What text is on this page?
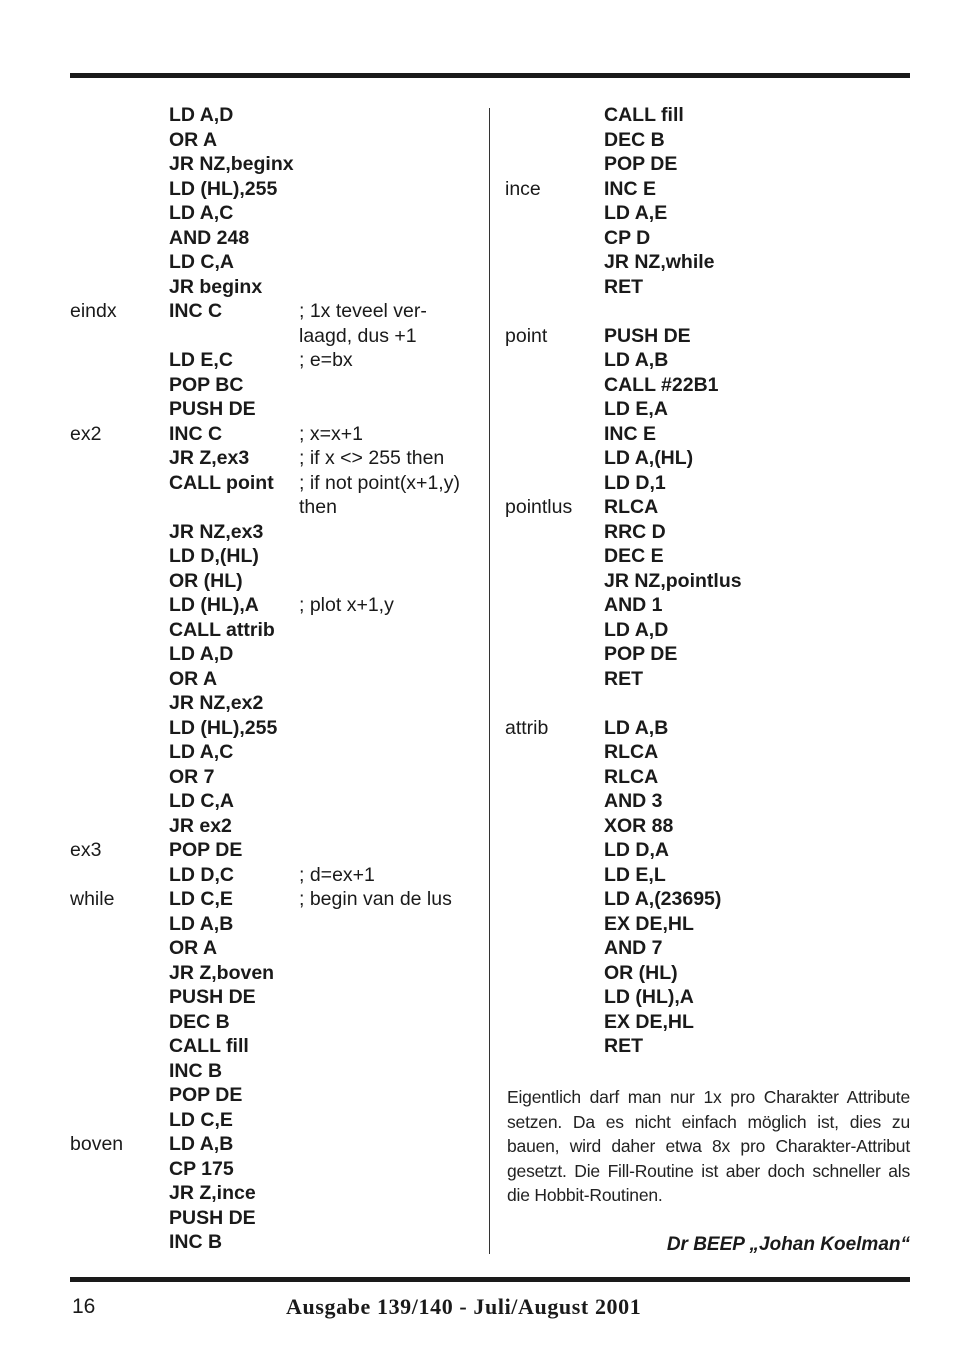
LD A,D
OR A
JR NZ,beginx
LD (HL),255
LD A,C
AND 248
LD C,A
JR beginx
eindx	INC C	; 1x teveel ver-
laagd, dus +1
LD E,C	; e=bx
POP BC
PUSH DE
ex2	INC C	; x=x+1
JR Z,ex3	; if x <> 255 then
CALL point	; if not point(x+1,y)
then
JR NZ,ex3
LD D,(HL)
OR (HL)
LD (HL),A	; plot x+1,y
CALL attrib
LD A,D
OR A
JR NZ,ex2
LD (HL),255
LD A,C
OR 7
LD C,A
JR ex2
ex3	POP DE
LD D,C	; d=ex+1
while	LD C,E	; begin van de lus
LD A,B
OR A
JR Z,boven
PUSH DE
DEC B
CALL fill
INC B
POP DE
LD C,E
boven	LD A,B
CP 175
JR Z,ince
PUSH DE
INC B
CALL fill
DEC B
POP DE
ince	INC E
LD A,E
CP D
JR NZ,while
RET
point	PUSH DE
LD A,B
CALL #22B1
LD E,A
INC E
LD A,(HL)
LD D,1
pointlus	RLCA
RRC D
DEC E
JR NZ,pointlus
AND 1
LD A,D
POP DE
RET
attrib	LD A,B
RLCA
RLCA
AND 3
XOR 88
LD D,A
LD E,L
LD A,(23695)
EX DE,HL
AND 7
OR (HL)
LD (HL),A
EX DE,HL
RET
Eigentlich darf man nur 1x pro Charakter Attribute setzen. Da es nicht einfach möglich ist, dies zu bauen, wird daher etwa 8x pro Charakter-Attribut gesetzt. Die Fill-Routine ist aber doch schneller als die Hobbit-Routinen.
Dr BEEP „Johan Koelman“
16	Ausgabe 139/140 - Juli/August 2001
